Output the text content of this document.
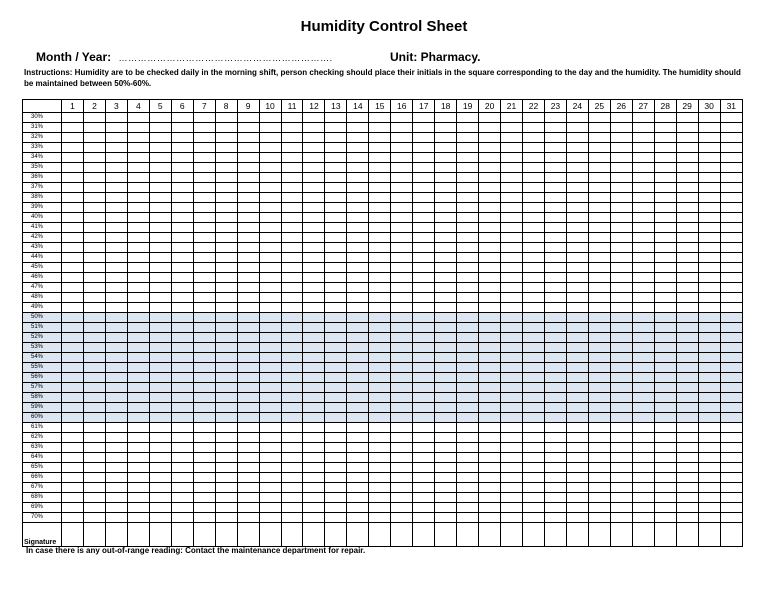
Humidity Control Sheet
Month / Year: ………………………………………………………….	Unit: Pharmacy.
Instructions: Humidity are to be checked daily in the morning shift, person checking should place their initials in the square corresponding to the day and the humidity. The humidity should be maintained between 50%-60%.
	1	2	3	4	5	6	7	8	9	10	11	12	13	14	15	16	17	18	19	20	21	22	23	24	25	26	27	28	29	30	31
30%																															
31%																															
32%																															
33%																															
34%																															
35%																															
36%																															
37%																															
38%																															
39%																															
40%																															
41%																															
42%																															
43%																															
44%																															
45%																															
46%																															
47%																															
48%																															
49%																															
50%																															
51%																															
52%																															
53%																															
54%																															
55%																															
56%																															
57%																															
58%																															
59%																															
60%																															
61%																															
62%																															
63%																															
64%																															
65%																															
66%																															
67%																															
68%																															
69%																															
70%																															
Signature																															
In case there is any out-of-range reading: Contact the maintenance department for repair.
